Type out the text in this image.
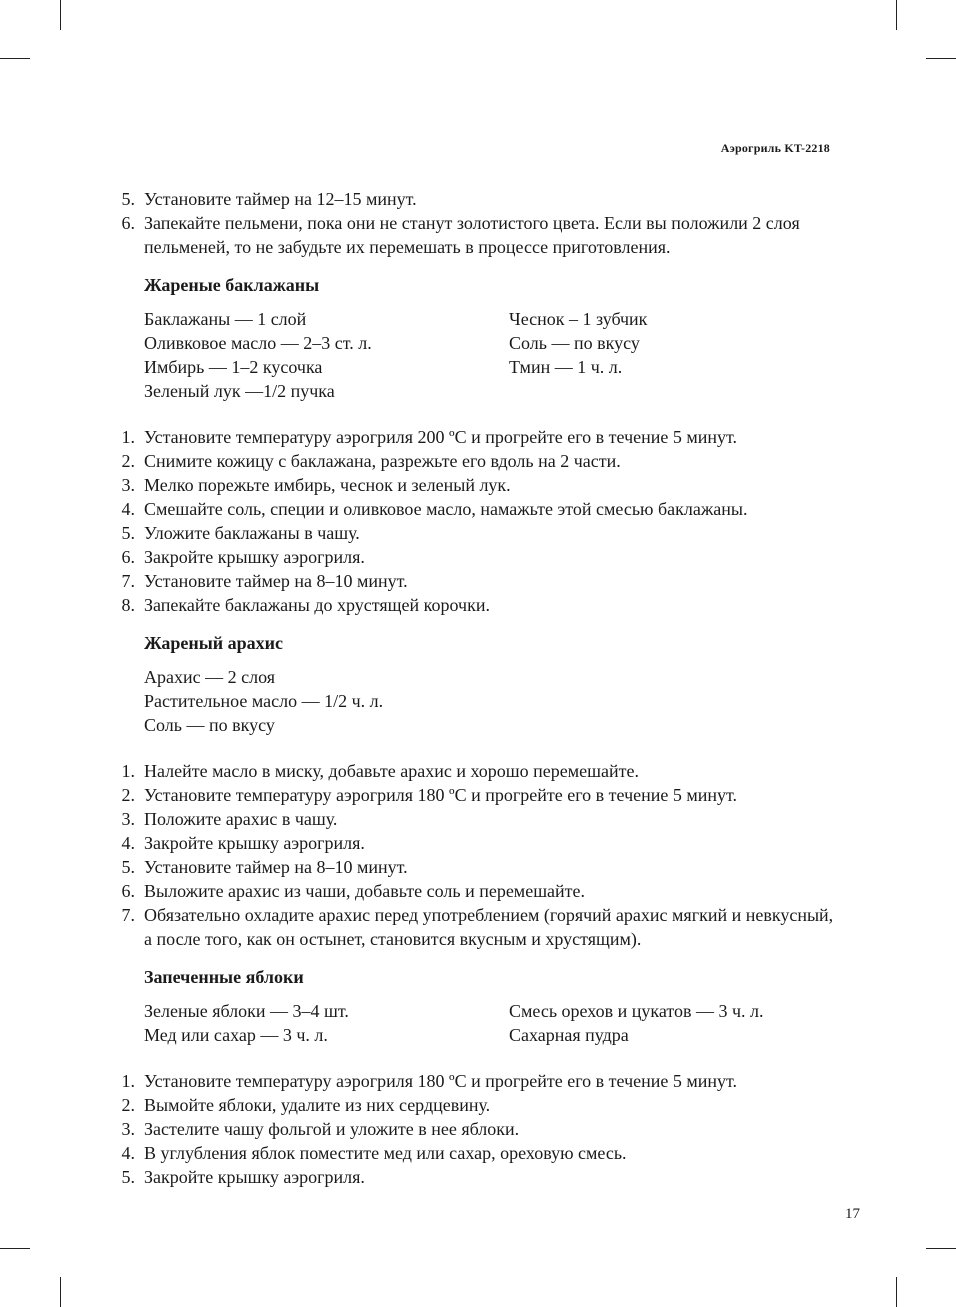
Аэрогриль KT-2218
5. Установите таймер на 12–15 минут.
6. Запекайте пельмени, пока они не станут золотистого цвета. Если вы положили 2 слоя пельменей, то не забудьте их перемешать в процессе приготовления.
Жареные баклажаны
Баклажаны — 1 слой
Оливковое масло — 2–3 ст. л.
Имбирь — 1–2 кусочка
Зеленый лук —1/2 пучка
Чеснок – 1 зубчик
Соль — по вкусу
Тмин — 1 ч. л.
1. Установите температуру аэрогриля 200 ºС и прогрейте его в течение 5 минут.
2. Снимите кожицу с баклажана, разрежьте его вдоль на 2 части.
3. Мелко порежьте имбирь, чеснок и зеленый лук.
4. Смешайте соль, специи и оливковое масло, намажьте этой смесью баклажаны.
5. Уложите баклажаны в чашу.
6. Закройте крышку аэрогриля.
7. Установите таймер на 8–10 минут.
8. Запекайте баклажаны до хрустящей корочки.
Жареный арахис
Арахис — 2 слоя
Растительное масло — 1/2 ч. л.
Соль — по вкусу
1. Налейте масло в миску, добавьте арахис и хорошо перемешайте.
2. Установите температуру аэрогриля 180 ºС и прогрейте его в течение 5 минут.
3. Положите арахис в чашу.
4. Закройте крышку аэрогриля.
5. Установите таймер на 8–10 минут.
6. Выложите арахис из чаши, добавьте соль и перемешайте.
7. Обязательно охладите арахис перед употреблением (горячий арахис мягкий и невкусный, а после того, как он остынет, становится вкусным и хрустящим).
Запеченные яблоки
Зеленые яблоки — 3–4 шт.
Мед или сахар — 3 ч. л.
Смесь орехов и цукатов — 3 ч. л.
Сахарная пудра
1. Установите температуру аэрогриля 180 ºС и прогрейте его в течение 5 минут.
2. Вымойте яблоки, удалите из них сердцевину.
3. Застелите чашу фольгой и уложите в нее яблоки.
4. В углубления яблок поместите мед или сахар, ореховую смесь.
5. Закройте крышку аэрогриля.
17
